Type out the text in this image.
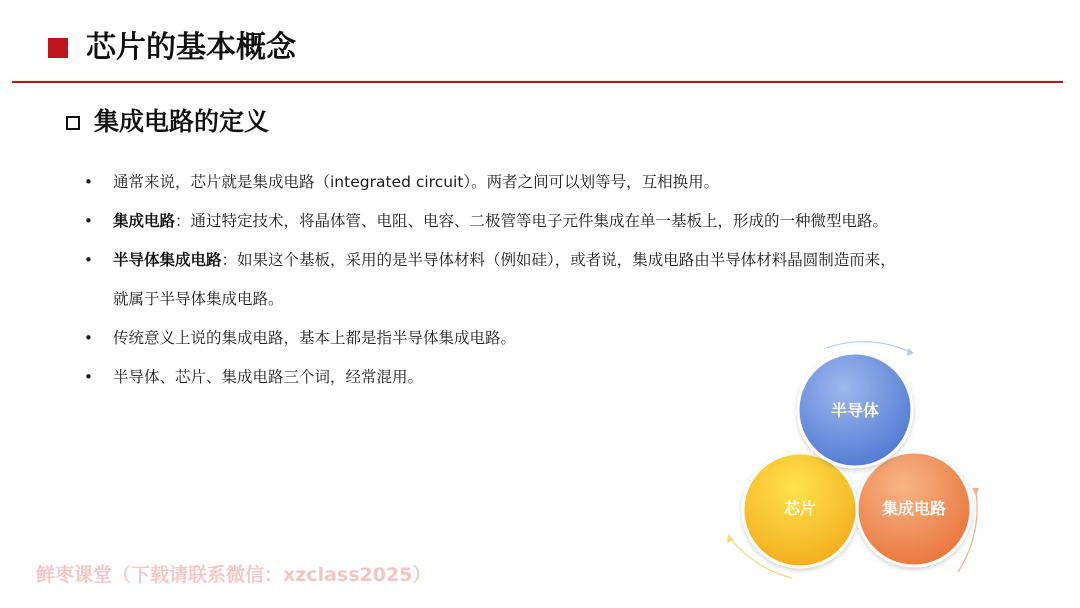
芯片的基本概念
集成电路的定义
• 通常来说，芯片就是集成电路（integrated circuit）。两者之间可以划等号，互相换用。
• 集成电路：通过特定技术，将晶体管、电阻、电容、二极管等电子元件集成在单一基板上，形成的一种微型电路。
• 半导体集成电路：如果这个基板，采用的是半导体材料（例如硅），或者说，集成电路由半导体材料晶圆制造而来，
就属于半导体集成电路。
• 传统意义上说的集成电路，基本上都是指半导体集成电路。
• 半导体、芯片、集成电路三个词，经常混用。
半导体
芯片	集成电路
鲜枣课堂（下载请联系微信：xzclass2025）
